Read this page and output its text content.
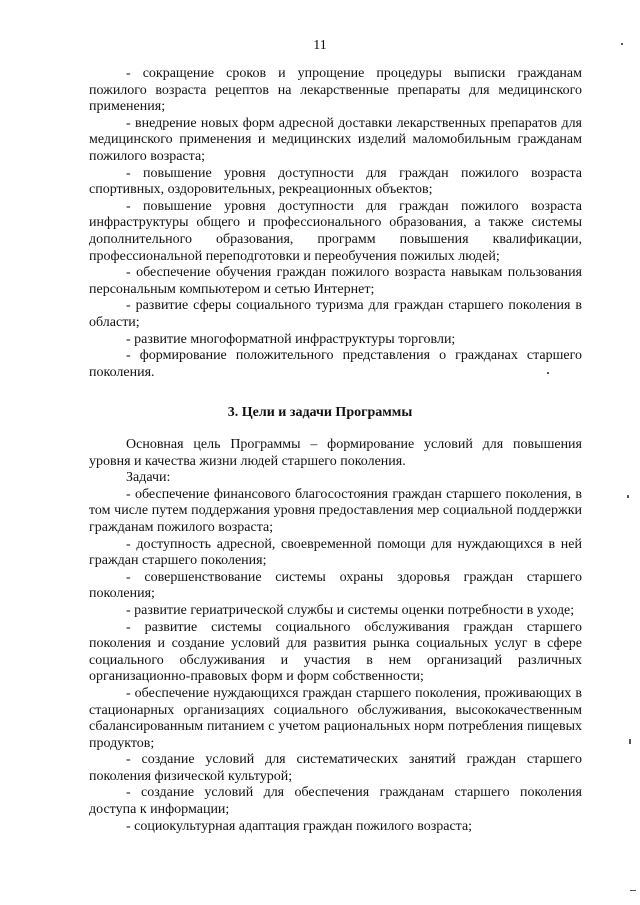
11

- сокращение сроков и упрощение процедуры выписки гражданам пожилого возраста рецептов на лекарственные препараты для медицинского применения;

- внедрение новых форм адресной доставки лекарственных препаратов для медицинского применения и медицинских изделий маломобильным гражданам пожилого возраста;

- повышение уровня доступности для граждан пожилого возраста спортивных, оздоровительных, рекреационных объектов;

- повышение уровня доступности для граждан пожилого возраста инфраструктуры общего и профессионального образования, а также системы дополнительного образования, программ повышения квалификации, профессиональной переподготовки и переобучения пожилых людей;

- обеспечение обучения граждан пожилого возраста навыкам пользования персональным компьютером и сетью Интернет;

- развитие сферы социального туризма для граждан старшего поколения в области;

- развитие многоформатной инфраструктуры торговли;

- формирование положительного представления о гражданах старшего поколения.

3. Цели и задачи Программы

Основная цель Программы – формирование условий для повышения уровня и качества жизни людей старшего поколения.

Задачи:

- обеспечение финансового благосостояния граждан старшего поколения, в том числе путем поддержания уровня предоставления мер социальной поддержки гражданам пожилого возраста;

- доступность адресной, своевременной помощи для нуждающихся в ней граждан старшего поколения;

- совершенствование системы охраны здоровья граждан старшего поколения;

- развитие гериатрической службы и системы оценки потребности в уходе;

- развитие системы социального обслуживания граждан старшего поколения и создание условий для развития рынка социальных услуг в сфере социального обслуживания и участия в нем организаций различных организационно-правовых форм и форм собственности;

- обеспечение нуждающихся граждан старшего поколения, проживающих в стационарных организациях социального обслуживания, высококачественным сбалансированным питанием с учетом рациональных норм потребления пищевых продуктов;

- создание условий для систематических занятий граждан старшего поколения физической культурой;

- создание условий для обеспечения гражданам старшего поколения доступа к информации;

- социокультурная адаптация граждан пожилого возраста;
